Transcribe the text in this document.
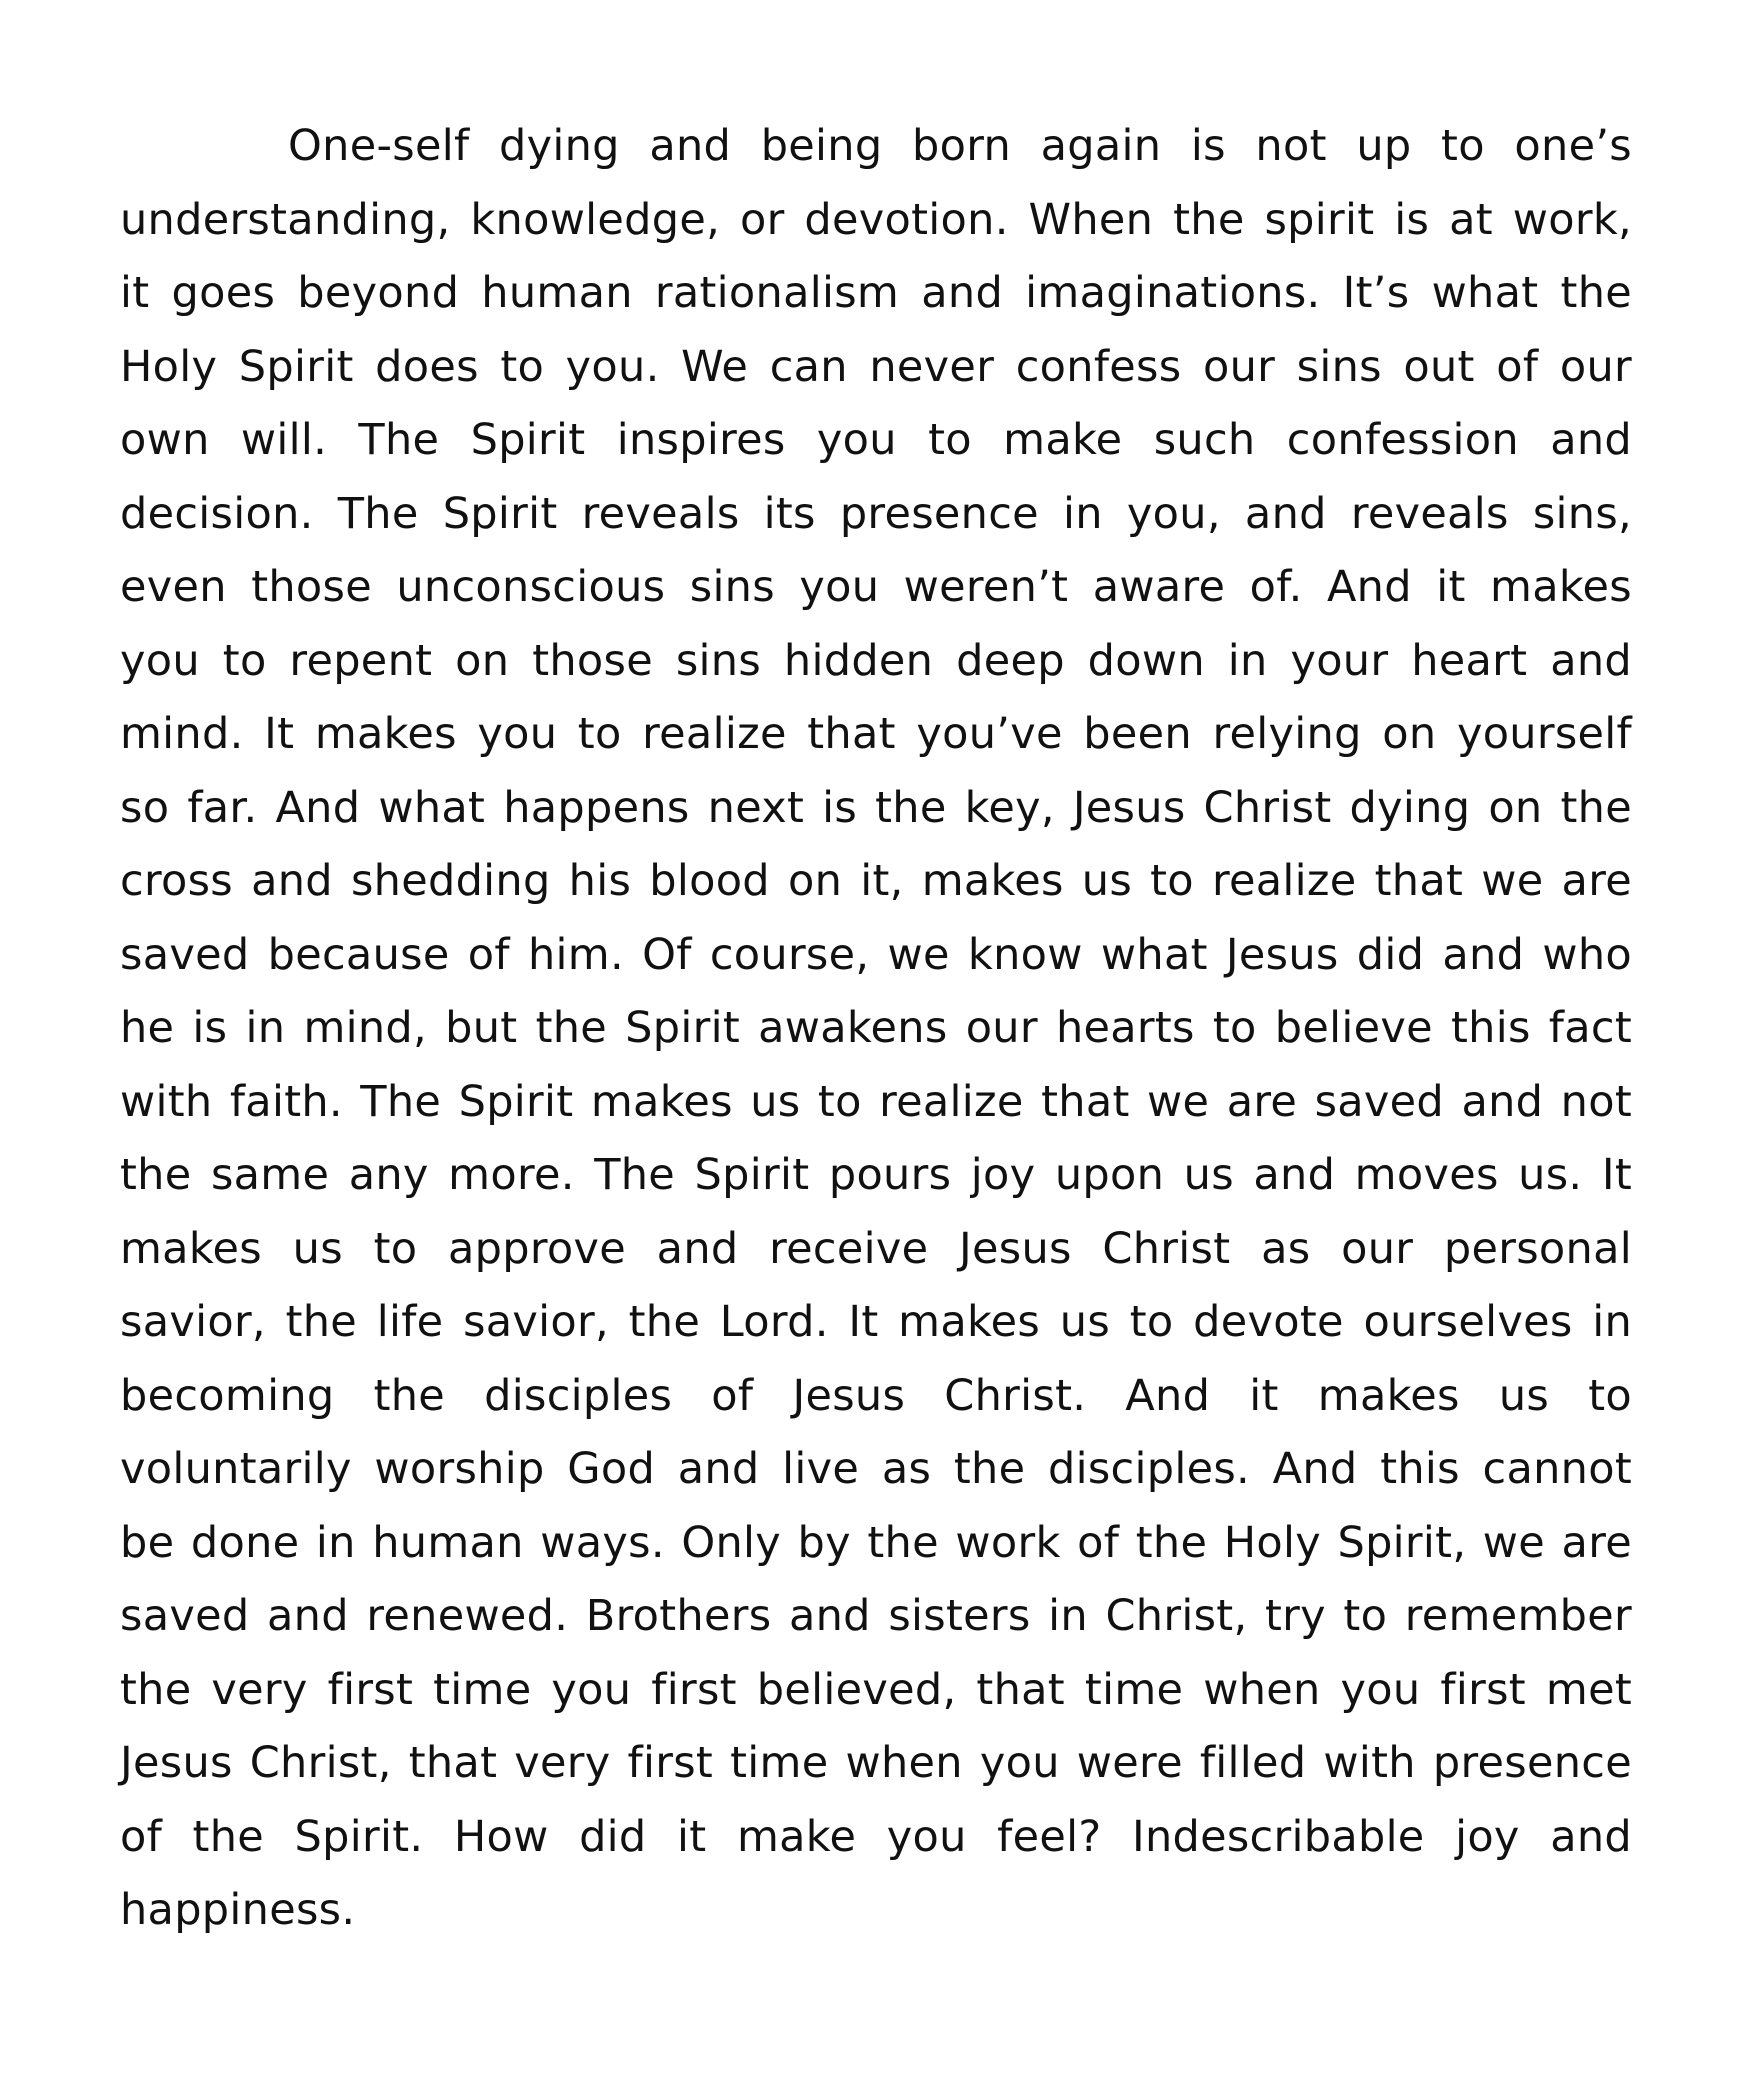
One-self dying and being born again is not up to one’s understanding, knowledge, or devotion. When the spirit is at work, it goes beyond human rationalism and imaginations. It’s what the Holy Spirit does to you. We can never confess our sins out of our own will. The Spirit inspires you to make such confession and decision. The Spirit reveals its presence in you, and reveals sins, even those unconscious sins you weren’t aware of. And it makes you to repent on those sins hidden deep down in your heart and mind. It makes you to realize that you’ve been relying on yourself so far. And what happens next is the key, Jesus Christ dying on the cross and shedding his blood on it, makes us to realize that we are saved because of him. Of course, we know what Jesus did and who he is in mind, but the Spirit awakens our hearts to believe this fact with faith. The Spirit makes us to realize that we are saved and not the same any more. The Spirit pours joy upon us and moves us. It makes us to approve and receive Jesus Christ as our personal savior, the life savior, the Lord. It makes us to devote ourselves in becoming the disciples of Jesus Christ. And it makes us to voluntarily worship God and live as the disciples. And this cannot be done in human ways. Only by the work of the Holy Spirit, we are saved and renewed. Brothers and sisters in Christ, try to remember the very first time you first believed, that time when you first met Jesus Christ, that very first time when you were filled with presence of the Spirit. How did it make you feel? Indescribable joy and happiness.
